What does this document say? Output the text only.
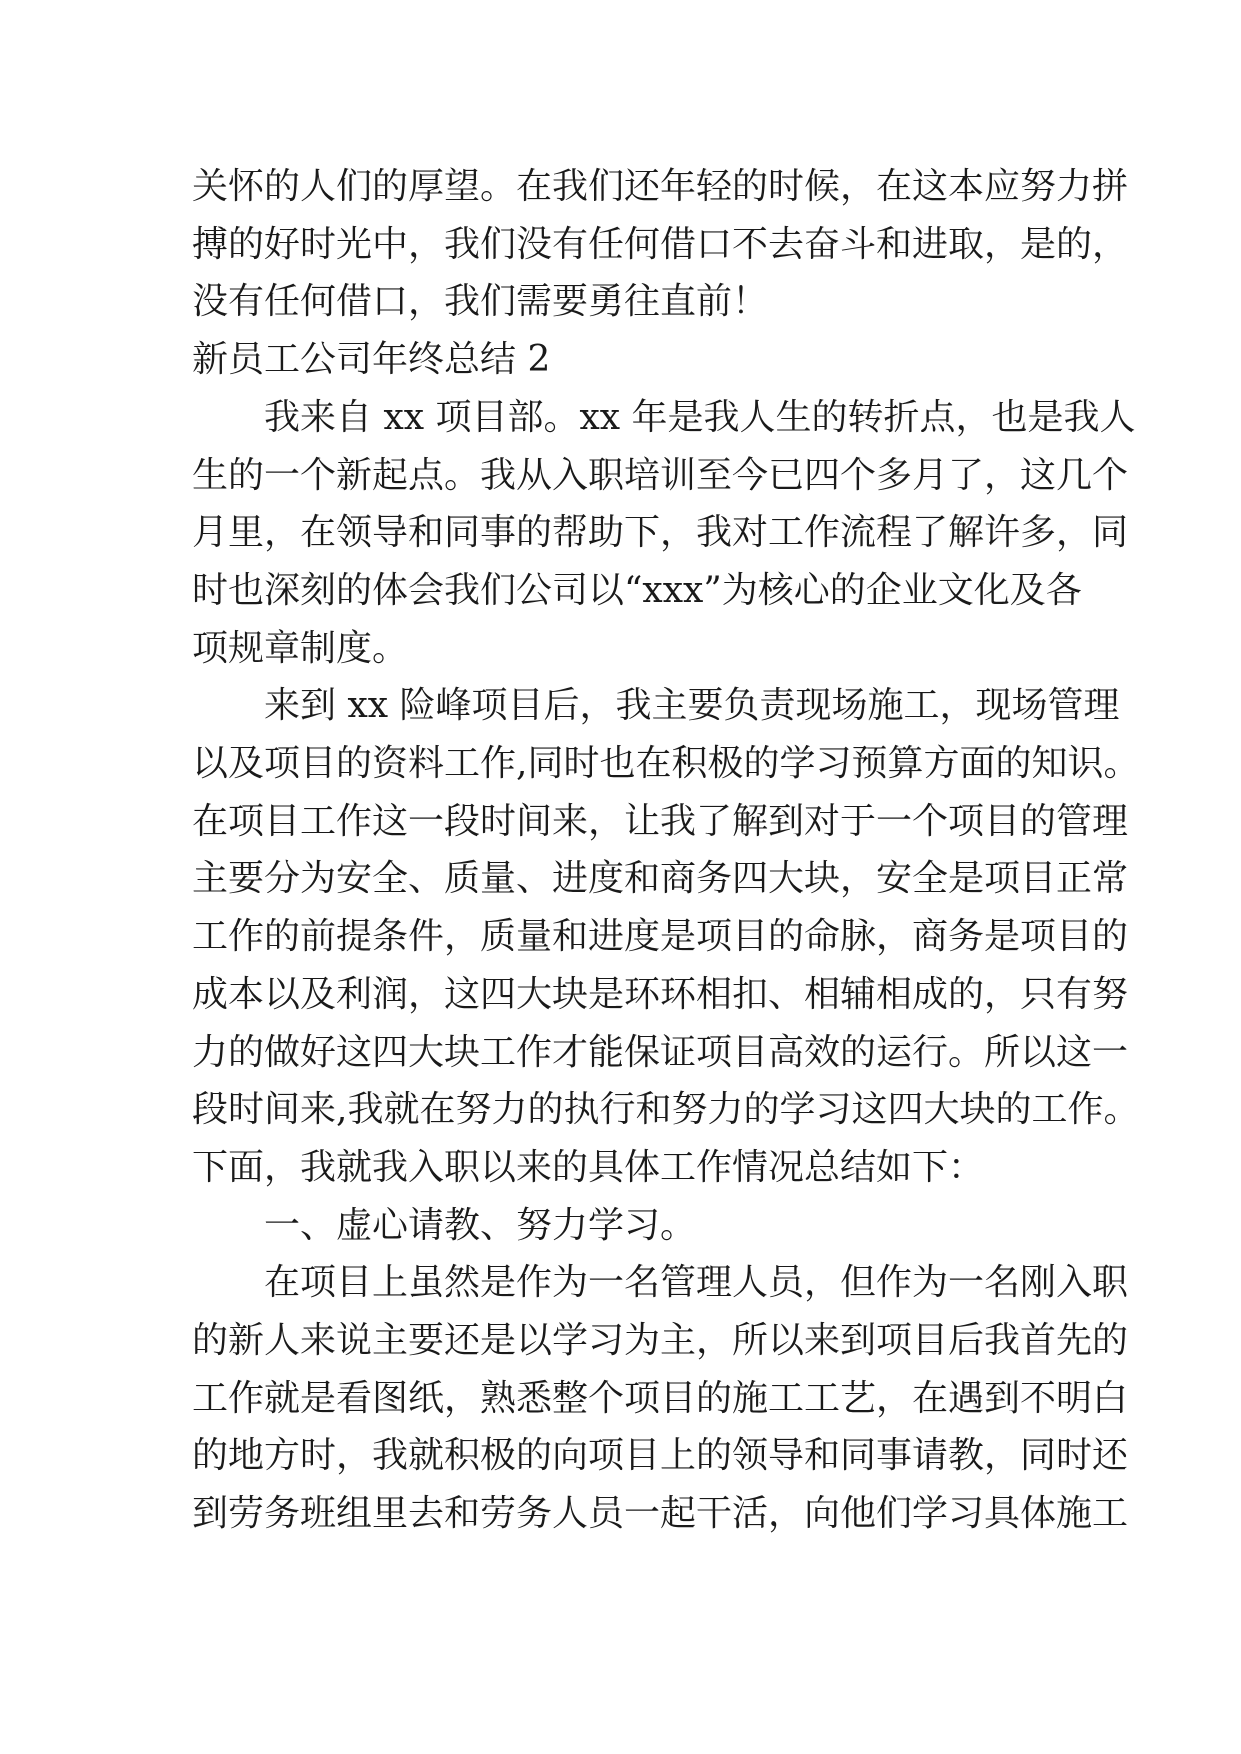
关怀的人们的厚望。在我们还年轻的时候，在这本应努力拼
搏的好时光中，我们没有任何借口不去奋斗和进取，是的，
没有任何借口，我们需要勇往直前！

新员工公司年终总结 2

我来自 xx 项目部。xx 年是我人生的转折点，也是我人
生的一个新起点。我从入职培训至今已四个多月了，这几个
月里，在领导和同事的帮助下，我对工作流程了解许多，同
时也深刻的体会我们公司以“xxx”为核心的企业文化及各
项规章制度。

来到 xx 险峰项目后，我主要负责现场施工，现场管理
以及项目的资料工作,同时也在积极的学习预算方面的知识。
在项目工作这一段时间来，让我了解到对于一个项目的管理
主要分为安全、质量、进度和商务四大块，安全是项目正常
工作的前提条件，质量和进度是项目的命脉，商务是项目的
成本以及利润，这四大块是环环相扣、相辅相成的，只有努
力的做好这四大块工作才能保证项目高效的运行。所以这一
段时间来,我就在努力的执行和努力的学习这四大块的工作。
下面，我就我入职以来的具体工作情况总结如下：

一、虚心请教、努力学习。

在项目上虽然是作为一名管理人员，但作为一名刚入职
的新人来说主要还是以学习为主，所以来到项目后我首先的
工作就是看图纸，熟悉整个项目的施工工艺，在遇到不明白
的地方时，我就积极的向项目上的领导和同事请教，同时还
到劳务班组里去和劳务人员一起干活，向他们学习具体施工
